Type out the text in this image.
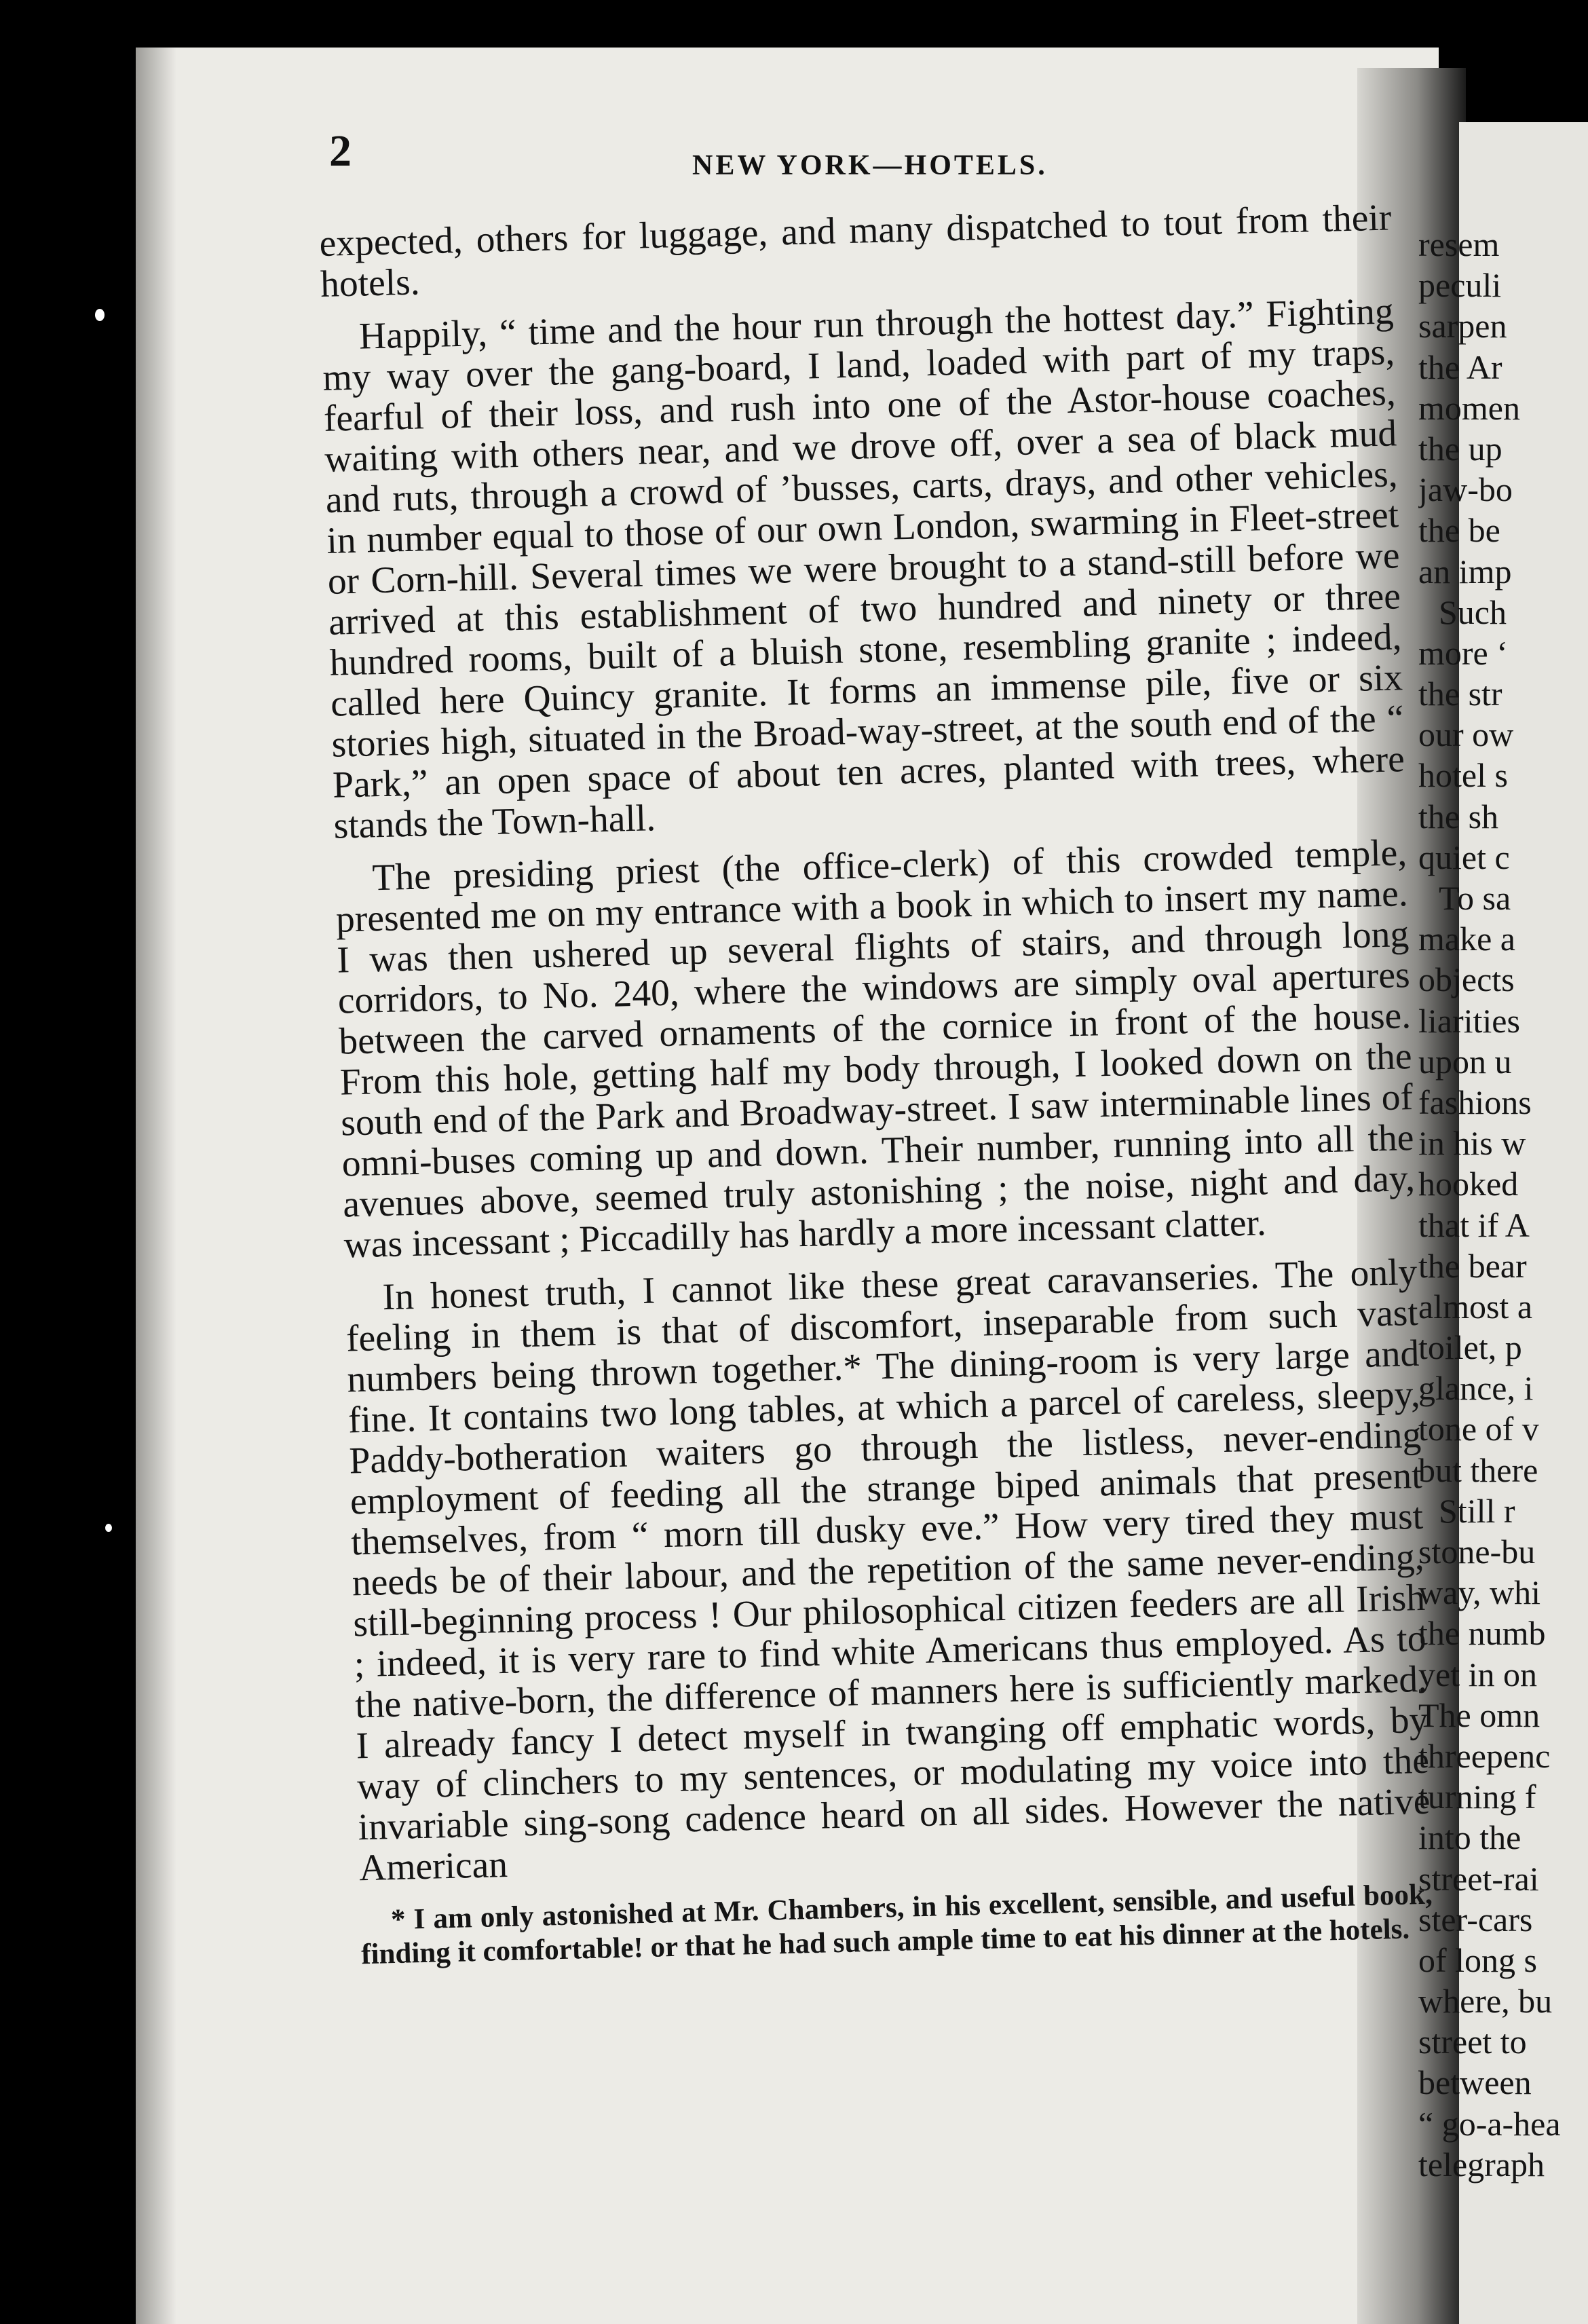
2	NEW YORK—HOTELS.

expected, others for luggage, and many dispatched to tout from their hotels.

Happily, “ time and the hour run through the hottest day.” Fighting my way over the gang-board, I land, loaded with part of my traps, fearful of their loss, and rush into one of the Astor-house coaches, waiting with others near, and we drove off, over a sea of black mud and ruts, through a crowd of ’busses, carts, drays, and other vehicles, in number equal to those of our own London, swarming in Fleet-street or Corn-hill. Several times we were brought to a stand-still before we arrived at this establishment of two hundred and ninety or three hundred rooms, built of a bluish stone, resembling granite ; indeed, called here Quincy granite. It forms an immense pile, five or six stories high, situated in the Broad-way-street, at the south end of the “ Park,” an open space of about ten acres, planted with trees, where stands the Town-hall.

The presiding priest (the office-clerk) of this crowded temple, presented me on my entrance with a book in which to insert my name. I was then ushered up several flights of stairs, and through long corridors, to No. 240, where the windows are simply oval apertures between the carved ornaments of the cornice in front of the house. From this hole, getting half my body through, I looked down on the south end of the Park and Broadway-street. I saw interminable lines of omni-buses coming up and down. Their number, running into all the avenues above, seemed truly astonishing ; the noise, night and day, was incessant ; Piccadilly has hardly a more incessant clatter.

In honest truth, I cannot like these great caravanseries. The only feeling in them is that of discomfort, inseparable from such vast numbers being thrown together.* The dining-room is very large and fine. It contains two long tables, at which a parcel of careless, sleepy, Paddy-botheration waiters go through the listless, never-ending employment of feeding all the strange biped animals that present themselves, from “ morn till dusky eve.” How very tired they must needs be of their labour, and the repetition of the same never-ending, still-beginning process ! Our philosophical citizen feeders are all Irish ; indeed, it is very rare to find white Americans thus employed. As to the native-born, the difference of manners here is sufficiently marked. I already fancy I detect myself in twanging off emphatic words, by way of clinchers to my sentences, or modulating my voice into the invariable sing-song cadence heard on all sides. However the native American

* I am only astonished at Mr. Chambers, in his excellent, sensible, and useful book, finding it comfortable! or that he had such ample time to eat his dinner at the hotels.

resem
peculi
sarpen
the Ar
momen
the up
jaw-bo
the be
an imp
Such
more ‘
the str
our ow
hotel s
the sh
quiet c
To sa
make a
objects
liarities
upon u
fashions
in his w
hooked
that if A
the bear
almost a
toilet, p
glance, i
tone of v
but there
Still r
stone-bu
way, whi
the numb
yet in on
The omn
threepenc
turning f
into the
street-rai
ster-cars
of long s
where, bu
street to
between
“ go-a-hea
telegraph
